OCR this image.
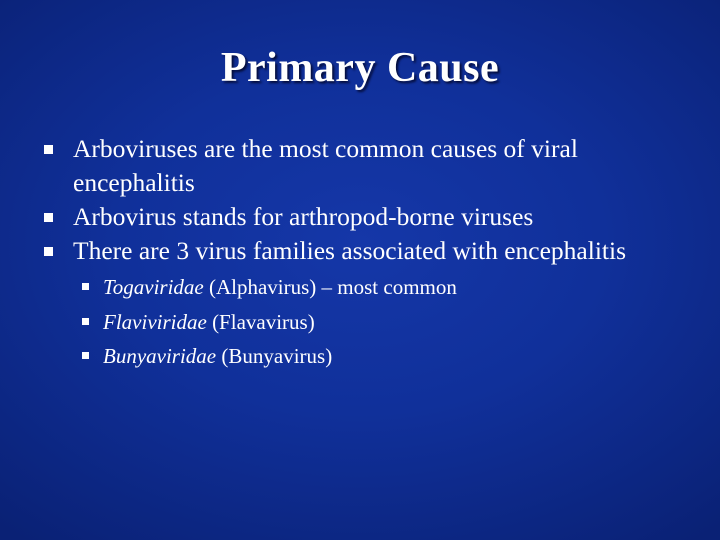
Primary Cause
Arboviruses are the most common causes of viral encephalitis
Arbovirus stands for arthropod-borne viruses
There are 3 virus families associated with encephalitis
Togaviridae (Alphavirus) – most common
Flaviviridae (Flavavirus)
Bunyaviridae (Bunyavirus)
